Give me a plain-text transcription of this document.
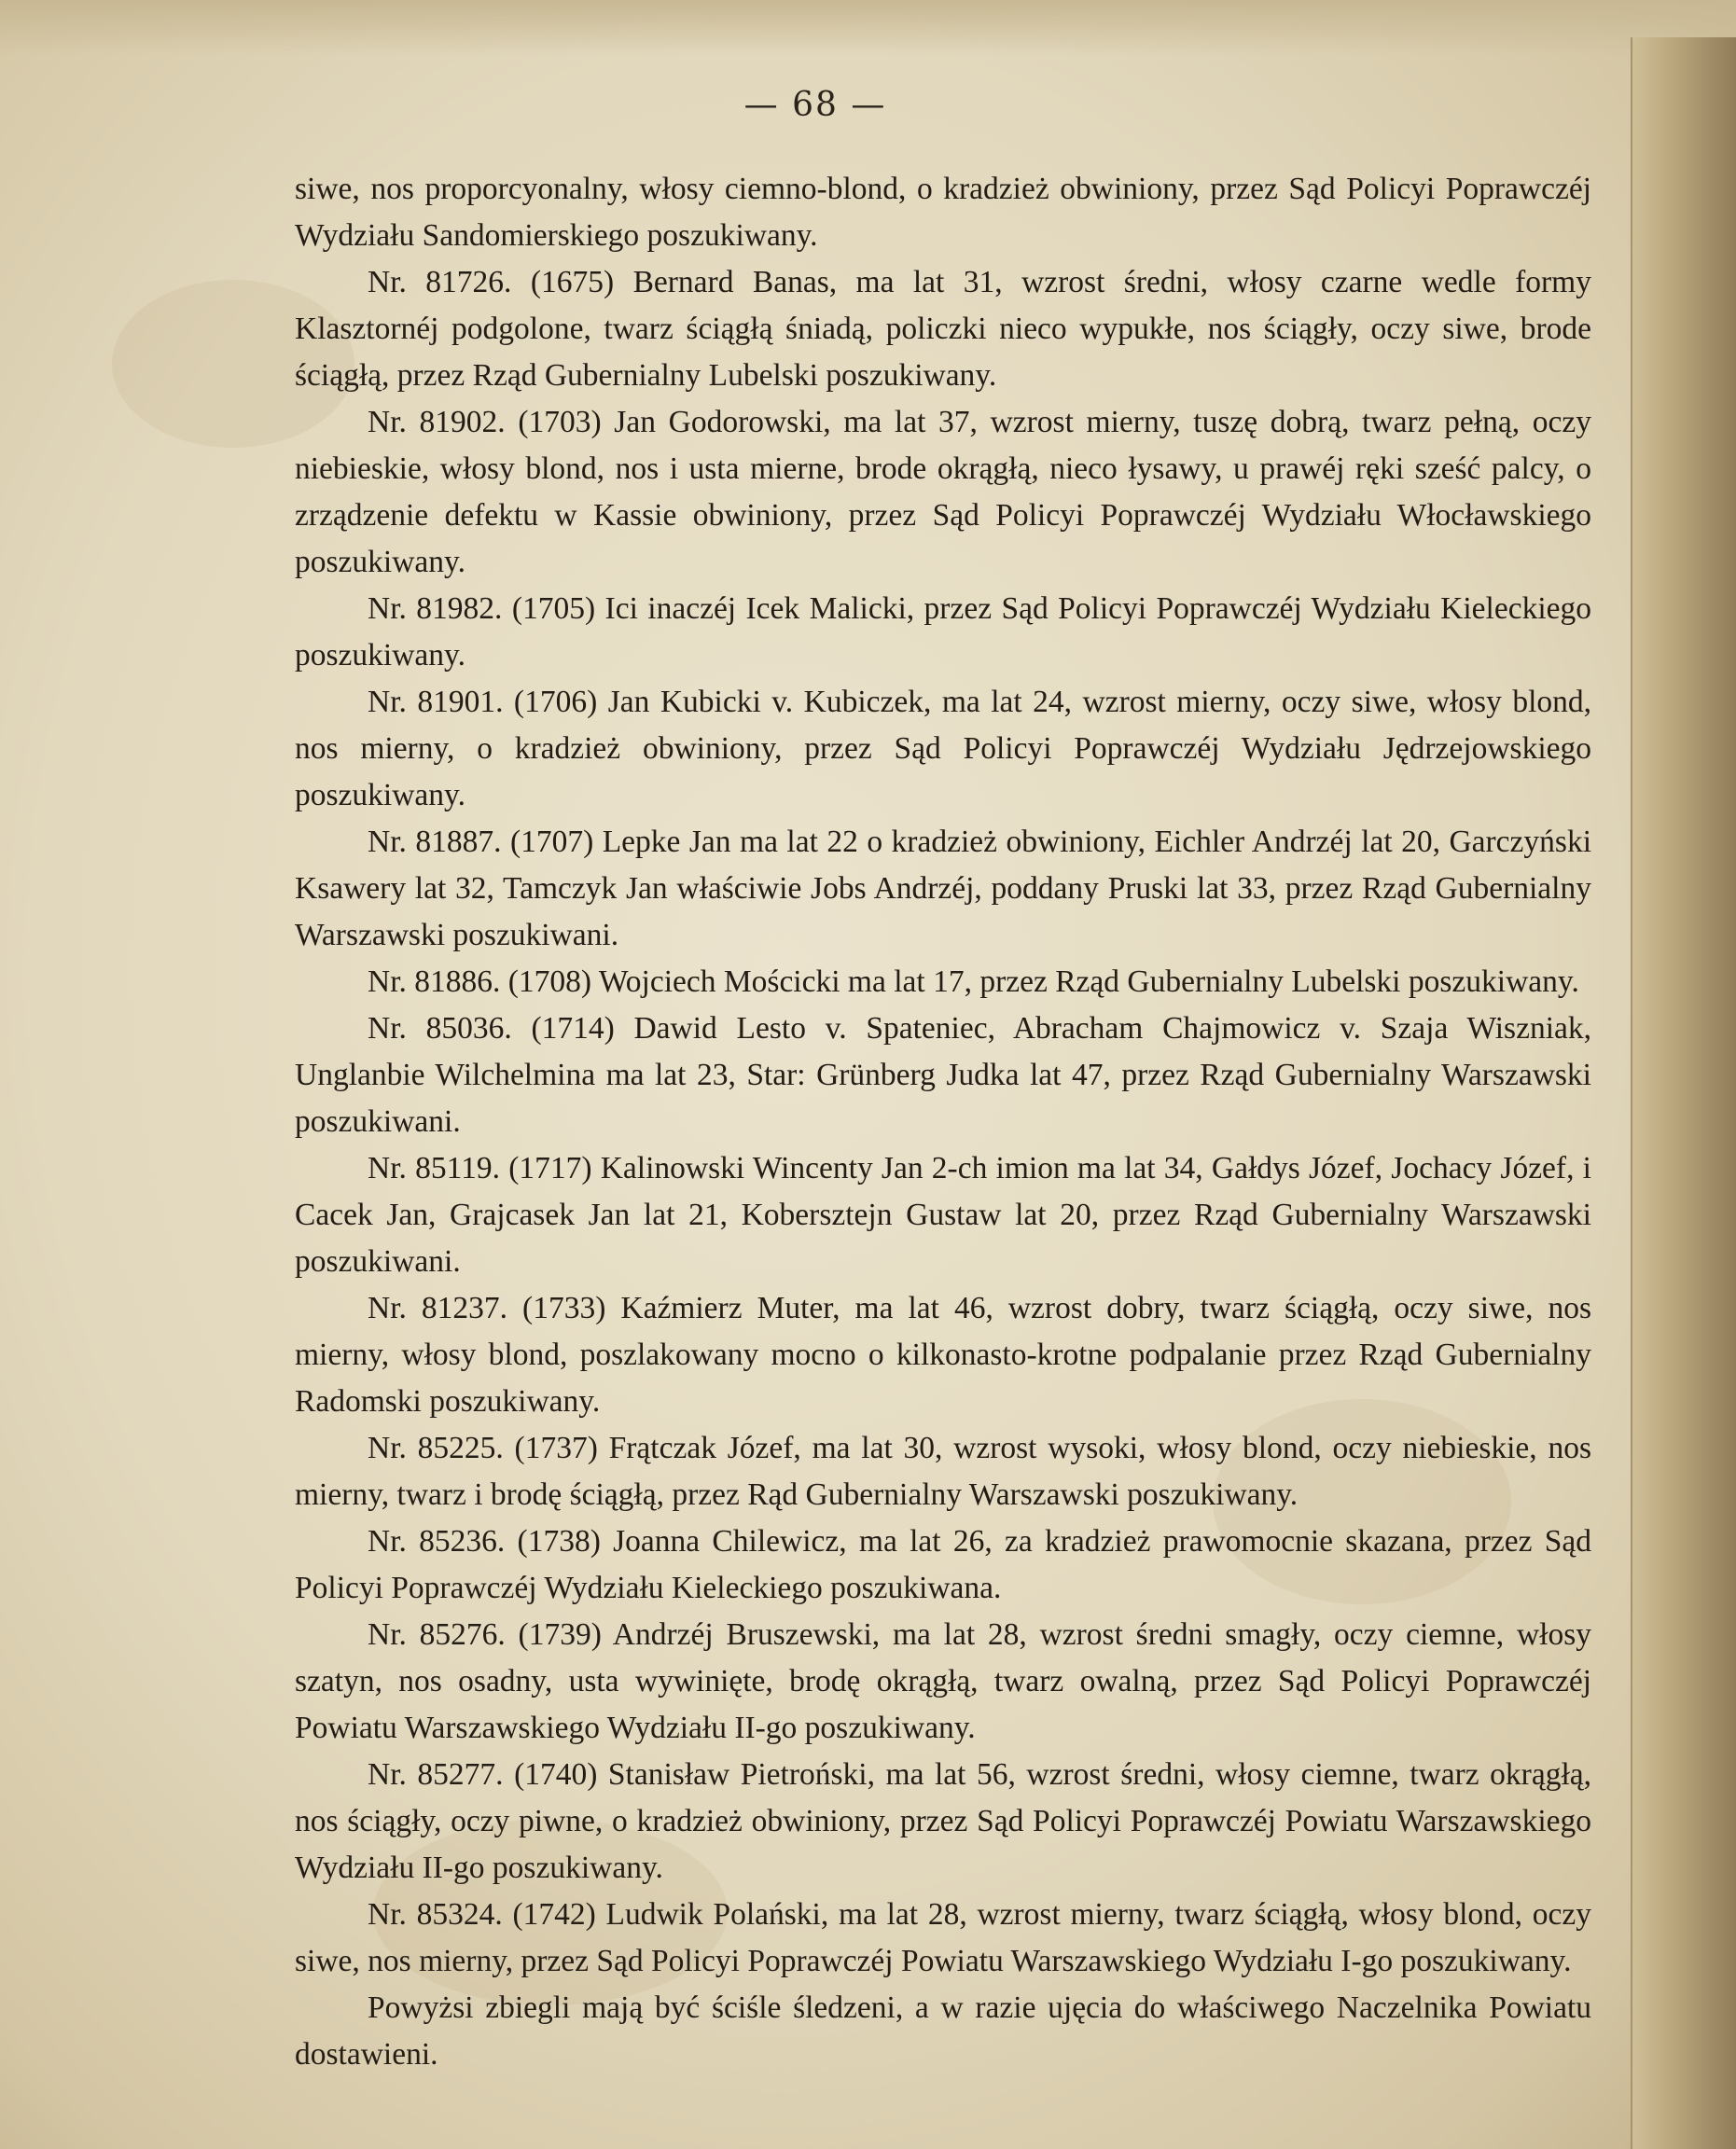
— 68 —

siwe, nos proporcyonalny, włosy ciemno-blond, o kradzież obwiniony, przez Sąd Policyi Poprawczéj Wydziału Sandomierskiego poszukiwany.

Nr. 81726. (1675) Bernard Banas, ma lat 31, wzrost średni, włosy czarne wedle formy Klasztornéj podgolone, twarz ściągłą śniadą, policzki nieco wypukłe, nos ściągły, oczy siwe, brode ściągłą, przez Rząd Gubernialny Lubelski poszukiwany.

Nr. 81902. (1703) Jan Godorowski, ma lat 37, wzrost mierny, tuszę dobrą, twarz pełną, oczy niebieskie, włosy blond, nos i usta mierne, brode okrągłą, nieco łysawy, u prawéj ręki sześć palcy, o zrządzenie defektu w Kassie obwiniony, przez Sąd Policyi Poprawczéj Wydziału Włocławskiego poszukiwany.

Nr. 81982. (1705) Ici inaczéj Icek Malicki, przez Sąd Policyi Poprawczéj Wydziału Kieleckiego poszukiwany.

Nr. 81901. (1706) Jan Kubicki v. Kubiczek, ma lat 24, wzrost mierny, oczy siwe, włosy blond, nos mierny, o kradzież obwiniony, przez Sąd Policyi Poprawczéj Wydziału Jędrzejowskiego poszukiwany.

Nr. 81887. (1707) Lepke Jan ma lat 22 o kradzież obwiniony, Eichler Andrzéj lat 20, Garczyński Ksawery lat 32, Tamczyk Jan właściwie Jobs Andrzéj, poddany Pruski lat 33, przez Rząd Gubernialny Warszawski poszukiwani.

Nr. 81886. (1708) Wojciech Mościcki ma lat 17, przez Rząd Gubernialny Lubelski poszukiwany.

Nr. 85036. (1714) Dawid Lesto v. Spateniec, Abracham Chajmowicz v. Szaja Wiszniak, Unglanbie Wilchelmina ma lat 23, Star: Grünberg Judka lat 47, przez Rząd Gubernialny Warszawski poszukiwani.

Nr. 85119. (1717) Kalinowski Wincenty Jan 2-ch imion ma lat 34, Gałdys Józef, Jochacy Józef, i Cacek Jan, Grajcasek Jan lat 21, Kobersztejn Gustaw lat 20, przez Rząd Gubernialny Warszawski poszukiwani.

Nr. 81237. (1733) Kaźmierz Muter, ma lat 46, wzrost dobry, twarz ściągłą, oczy siwe, nos mierny, włosy blond, poszlakowany mocno o kilkonasto-krotne podpalanie przez Rząd Gubernialny Radomski poszukiwany.

Nr. 85225. (1737) Frątczak Józef, ma lat 30, wzrost wysoki, włosy blond, oczy niebieskie, nos mierny, twarz i brodę ściągłą, przez Rąd Gubernialny Warszawski poszukiwany.

Nr. 85236. (1738) Joanna Chilewicz, ma lat 26, za kradzież prawomocnie skazana, przez Sąd Policyi Poprawczéj Wydziału Kieleckiego poszukiwana.

Nr. 85276. (1739) Andrzéj Bruszewski, ma lat 28, wzrost średni smagły, oczy ciemne, włosy szatyn, nos osadny, usta wywinięte, brodę okrągłą, twarz owalną, przez Sąd Policyi Poprawczéj Powiatu Warszawskiego Wydziału II-go poszukiwany.

Nr. 85277. (1740) Stanisław Pietroński, ma lat 56, wzrost średni, włosy ciemne, twarz okrągłą, nos ściągły, oczy piwne, o kradzież obwiniony, przez Sąd Policyi Poprawczéj Powiatu Warszawskiego Wydziału II-go poszukiwany.

Nr. 85324. (1742) Ludwik Polański, ma lat 28, wzrost mierny, twarz ściągłą, włosy blond, oczy siwe, nos mierny, przez Sąd Policyi Poprawczéj Powiatu Warszawskiego Wydziału I-go poszukiwany.

Powyżsi zbiegli mają być ściśle śledzeni, a w razie ujęcia do właściwego Naczelnika Powiatu dostawieni.
